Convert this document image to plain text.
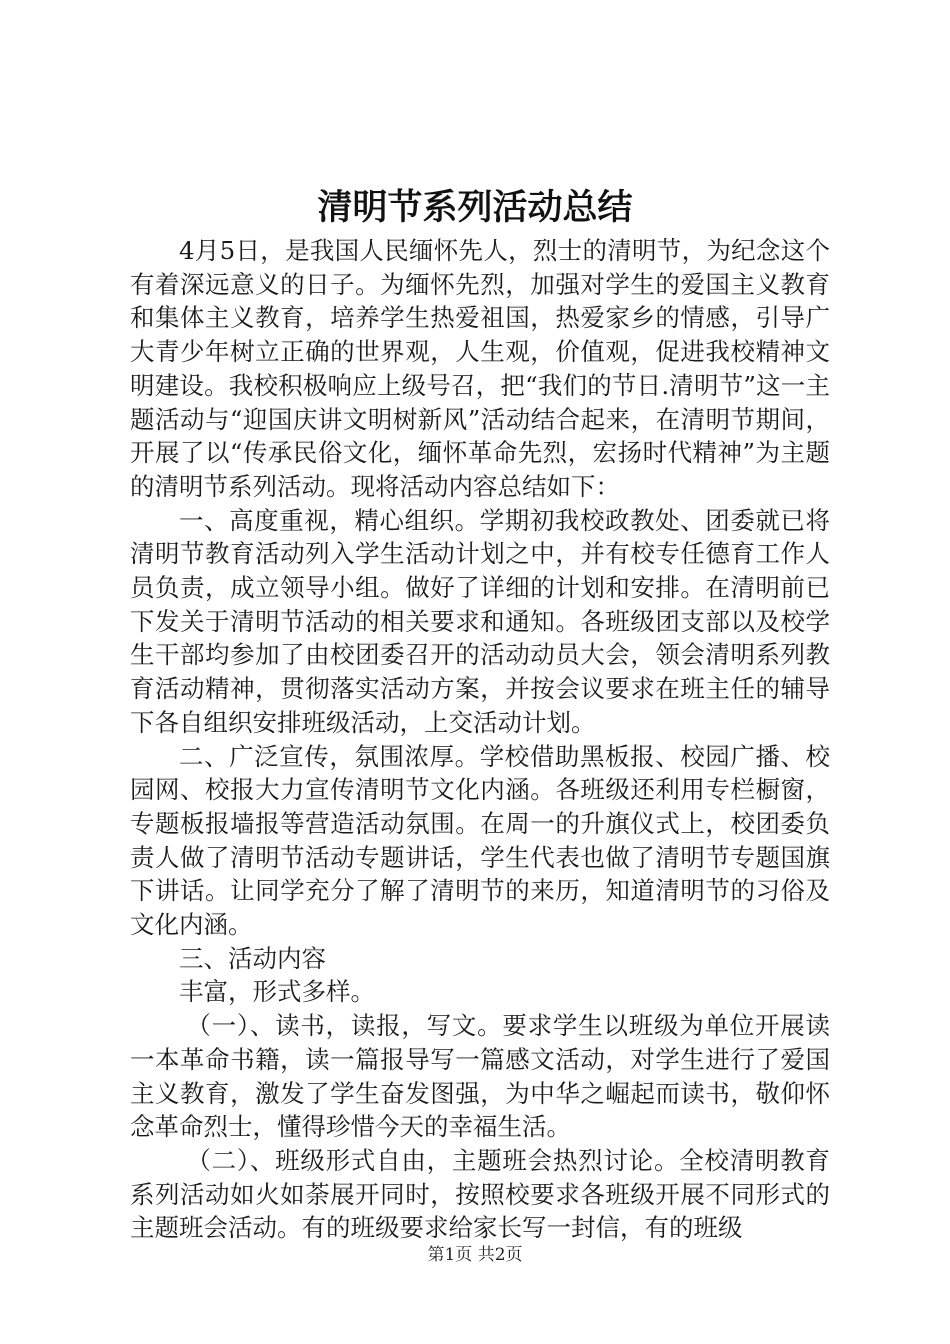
清明节系列活动总结

4月5日，是我国人民缅怀先人，烈士的清明节，为纪念这个有着深远意义的日子。为缅怀先烈，加强对学生的爱国主义教育和集体主义教育，培养学生热爱祖国，热爱家乡的情感，引导广大青少年树立正确的世界观，人生观，价值观，促进我校精神文明建设。我校积极响应上级号召，把“我们的节日.清明节”这一主题活动与“迎国庆讲文明树新风”活动结合起来，在清明节期间，开展了以“传承民俗文化，缅怀革命先烈，宏扬时代精神”为主题的清明节系列活动。现将活动内容总结如下：

一、高度重视，精心组织。学期初我校政教处、团委就已将清明节教育活动列入学生活动计划之中，并有校专任德育工作人员负责，成立领导小组。做好了详细的计划和安排。在清明前已下发关于清明节活动的相关要求和通知。各班级团支部以及校学生干部均参加了由校团委召开的活动动员大会，领会清明系列教育活动精神，贯彻落实活动方案，并按会议要求在班主任的辅导下各自组织安排班级活动，上交活动计划。

二、广泛宣传，氛围浓厚。学校借助黑板报、校园广播、校园网、校报大力宣传清明节文化内涵。各班级还利用专栏橱窗，专题板报墙报等营造活动氛围。在周一的升旗仪式上，校团委负责人做了清明节活动专题讲话，学生代表也做了清明节专题国旗下讲话。让同学充分了解了清明节的来历，知道清明节的习俗及文化内涵。

三、活动内容

丰富，形式多样。

（一）、读书，读报，写文。要求学生以班级为单位开展读一本革命书籍，读一篇报导写一篇感文活动，对学生进行了爱国主义教育，激发了学生奋发图强，为中华之崛起而读书，敬仰怀念革命烈士，懂得珍惜今天的幸福生活。

（二）、班级形式自由，主题班会热烈讨论。全校清明教育系列活动如火如荼展开同时，按照校要求各班级开展不同形式的主题班会活动。有的班级要求给家长写一封信，有的班级

第1页 共2页
